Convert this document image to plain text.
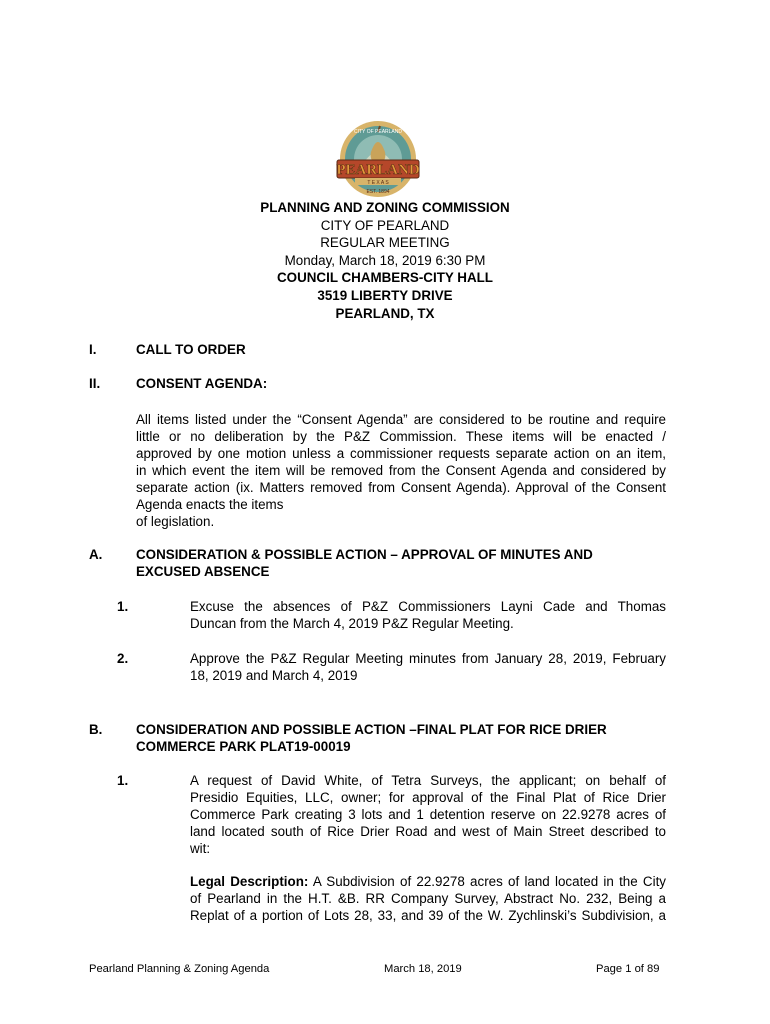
CITY OF PEARLAND
PEARLAND
T E X A S
EST. 1894
PLANNING AND ZONING COMMISSION
CITY OF PEARLAND
REGULAR MEETING
Monday, March 18, 2019 6:30 PM
COUNCIL CHAMBERS-CITY HALL
3519 LIBERTY DRIVE
PEARLAND, TX
I.	CALL TO ORDER
II.	CONSENT AGENDA:
All items listed under the “Consent Agenda” are considered to be routine and require
little or no deliberation by the P&Z Commission. These items will be enacted /
approved by one motion unless a commissioner requests separate action on an item,
in which event the item will be removed from the Consent Agenda and considered by
separate action (ix. Matters removed from Consent Agenda). Approval of the Consent
Agenda enacts the items
of legislation.
A.	CONSIDERATION & POSSIBLE ACTION – APPROVAL OF MINUTES AND
EXCUSED ABSENCE
1.	Excuse the absences of P&Z Commissioners Layni Cade and Thomas
Duncan from the March 4, 2019 P&Z Regular Meeting.
2.	Approve the P&Z Regular Meeting minutes from January 28, 2019, February
18, 2019 and March 4, 2019
B.	CONSIDERATION AND POSSIBLE ACTION –FINAL PLAT FOR RICE DRIER
COMMERCE PARK PLAT19-00019
1.	A request of David White, of Tetra Surveys, the applicant; on behalf of
Presidio Equities, LLC, owner; for approval of the Final Plat of Rice Drier
Commerce Park creating 3 lots and 1 detention reserve on 22.9278 acres of
land located south of Rice Drier Road and west of Main Street described to
wit:
Legal Description: A Subdivision of 22.9278 acres of land located in the City
of Pearland in the H.T. &B. RR Company Survey, Abstract No. 232, Being a
Replat of a portion of Lots 28, 33, and 39 of the W. Zychlinski’s Subdivision, a
Pearland Planning & Zoning Agenda	March 18, 2019	Page 1 of 89
